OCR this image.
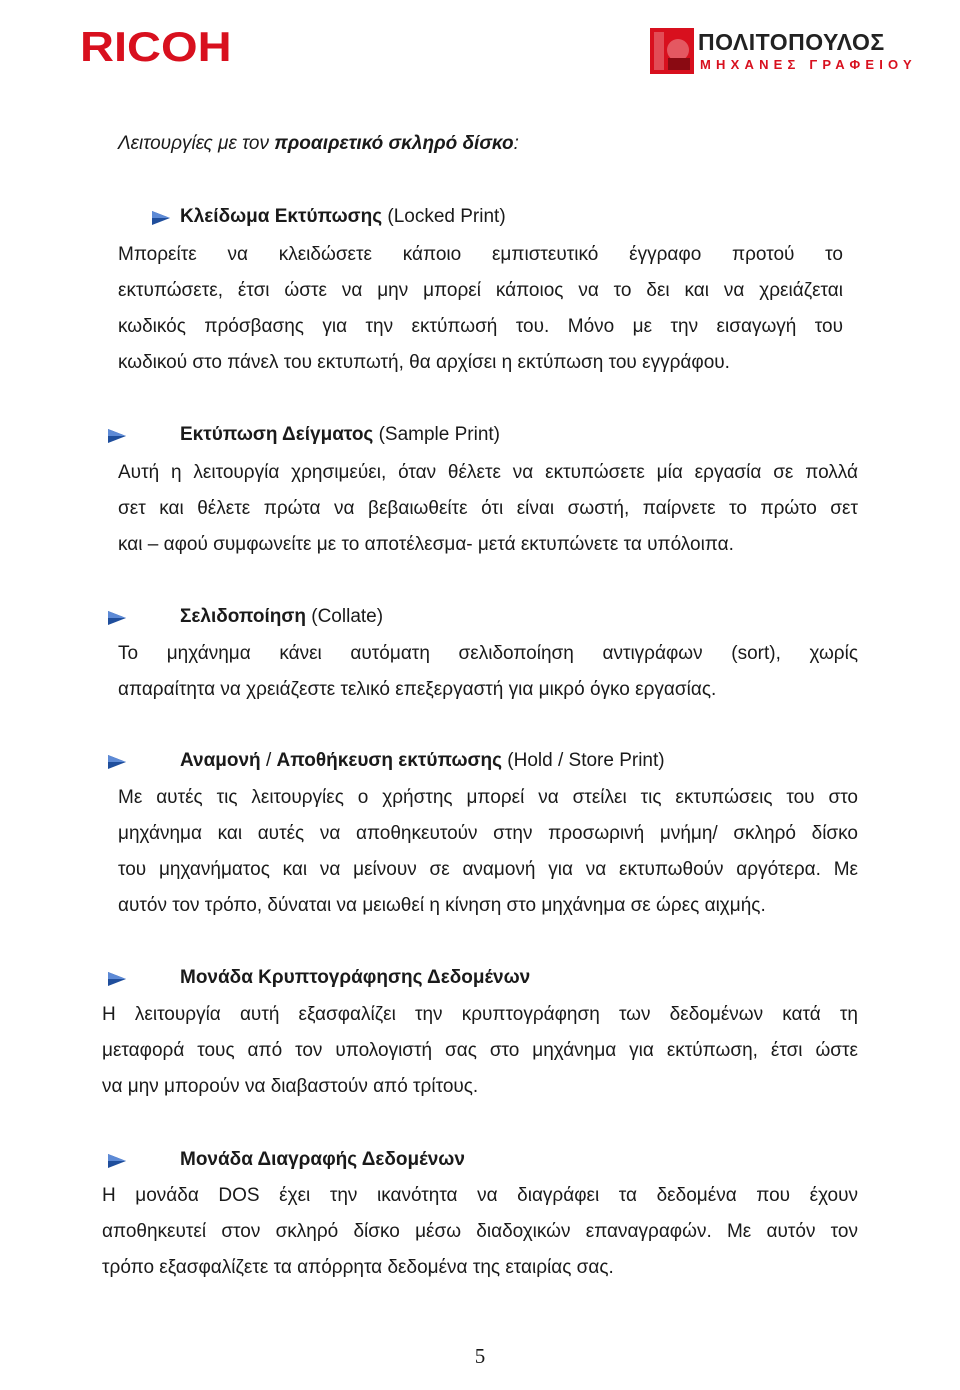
RICOH	ΠΟΛΙΤΟΠΟΥΛΟΣ
ΜΗΧΑΝΕΣ ΓΡΑΦΕΙΟΥ
Λειτουργίες με τον προαιρετικό σκληρό δίσκο:
Κλείδωμα Εκτύπωσης (Locked Print)
Μπορείτε να κλειδώσετε κάποιο εμπιστευτικό έγγραφο προτού το
εκτυπώσετε, έτσι ώστε να μην μπορεί κάποιος να το δει και να χρειάζεται
κωδικός πρόσβασης για την εκτύπωσή του. Μόνο με την εισαγωγή του
κωδικού στο πάνελ του εκτυπωτή, θα αρχίσει η εκτύπωση του εγγράφου.
Εκτύπωση Δείγματος (Sample Print)
Αυτή η λειτουργία χρησιμεύει, όταν θέλετε να εκτυπώσετε μία εργασία σε πολλά
σετ και θέλετε πρώτα να βεβαιωθείτε ότι είναι σωστή, παίρνετε το πρώτο σετ
και – αφού συμφωνείτε με το αποτέλεσμα- μετά εκτυπώνετε τα υπόλοιπα.
Σελιδοποίηση (Collate)
Το μηχάνημα κάνει αυτόματη σελιδοποίηση αντιγράφων (sort), χωρίς
απαραίτητα να χρειάζεστε τελικό επεξεργαστή για μικρό όγκο εργασίας.
Αναμονή / Αποθήκευση εκτύπωσης (Hold / Store Print)
Με αυτές τις λειτουργίες ο χρήστης μπορεί να στείλει τις εκτυπώσεις του στο
μηχάνημα και αυτές να αποθηκευτούν στην προσωρινή μνήμη/ σκληρό δίσκο
του μηχανήματος και να μείνουν σε αναμονή για να εκτυπωθούν αργότερα. Με
αυτόν τον τρόπο, δύναται να μειωθεί η κίνηση στο μηχάνημα σε ώρες αιχμής.
Μονάδα Κρυπτογράφησης Δεδομένων
Η λειτουργία αυτή εξασφαλίζει την κρυπτογράφηση των δεδομένων κατά τη
μεταφορά τους από τον υπολογιστή σας στο μηχάνημα για εκτύπωση, έτσι ώστε
να μην μπορούν να διαβαστούν από τρίτους.
Μονάδα Διαγραφής Δεδομένων
Η μονάδα DOS έχει την ικανότητα να διαγράφει τα δεδομένα που έχουν
αποθηκευτεί στον σκληρό δίσκο μέσω διαδοχικών επαναγραφών. Με αυτόν τον
τρόπο εξασφαλίζετε τα απόρρητα δεδομένα της εταιρίας σας.
5
